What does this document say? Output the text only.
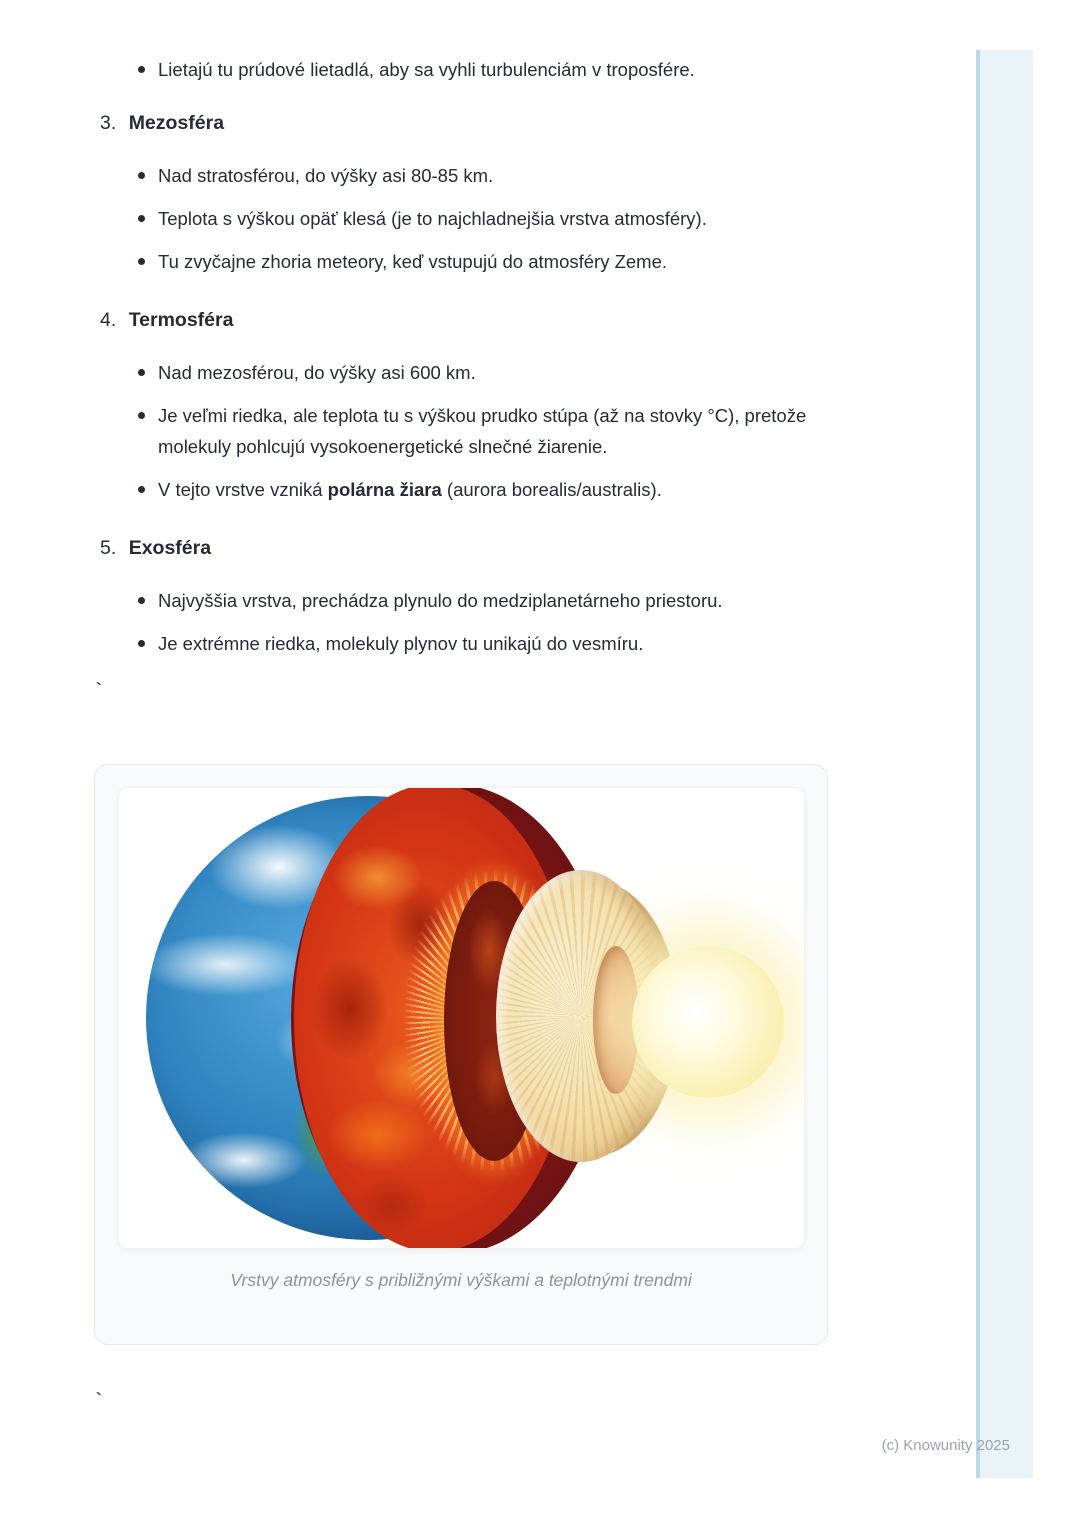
Lietajú tu prúdové lietadlá, aby sa vyhli turbulenciám v troposfére.
3. Mezosféra
Nad stratosférou, do výšky asi 80-85 km.
Teplota s výškou opäť klesá (je to najchladnejšia vrstva atmosféry).
Tu zvyčajne zhoria meteory, keď vstupujú do atmosféry Zeme.
4. Termosféra
Nad mezosférou, do výšky asi 600 km.
Je veľmi riedka, ale teplota tu s výškou prudko stúpa (až na stovky °C), pretože molekuly pohlcujú vysokoenergetické slnečné žiarenie.
V tejto vrstve vzniká polárna žiara (aurora borealis/australis).
5. Exosféra
Najvyššia vrstva, prechádza plynulo do medziplanetárneho priestoru.
Je extrémne riedka, molekuly plynov tu unikajú do vesmíru.
`
Vrstvy atmosféry s približnými výškami a teplotnými trendmi
`
(c) Knowunity 2025
